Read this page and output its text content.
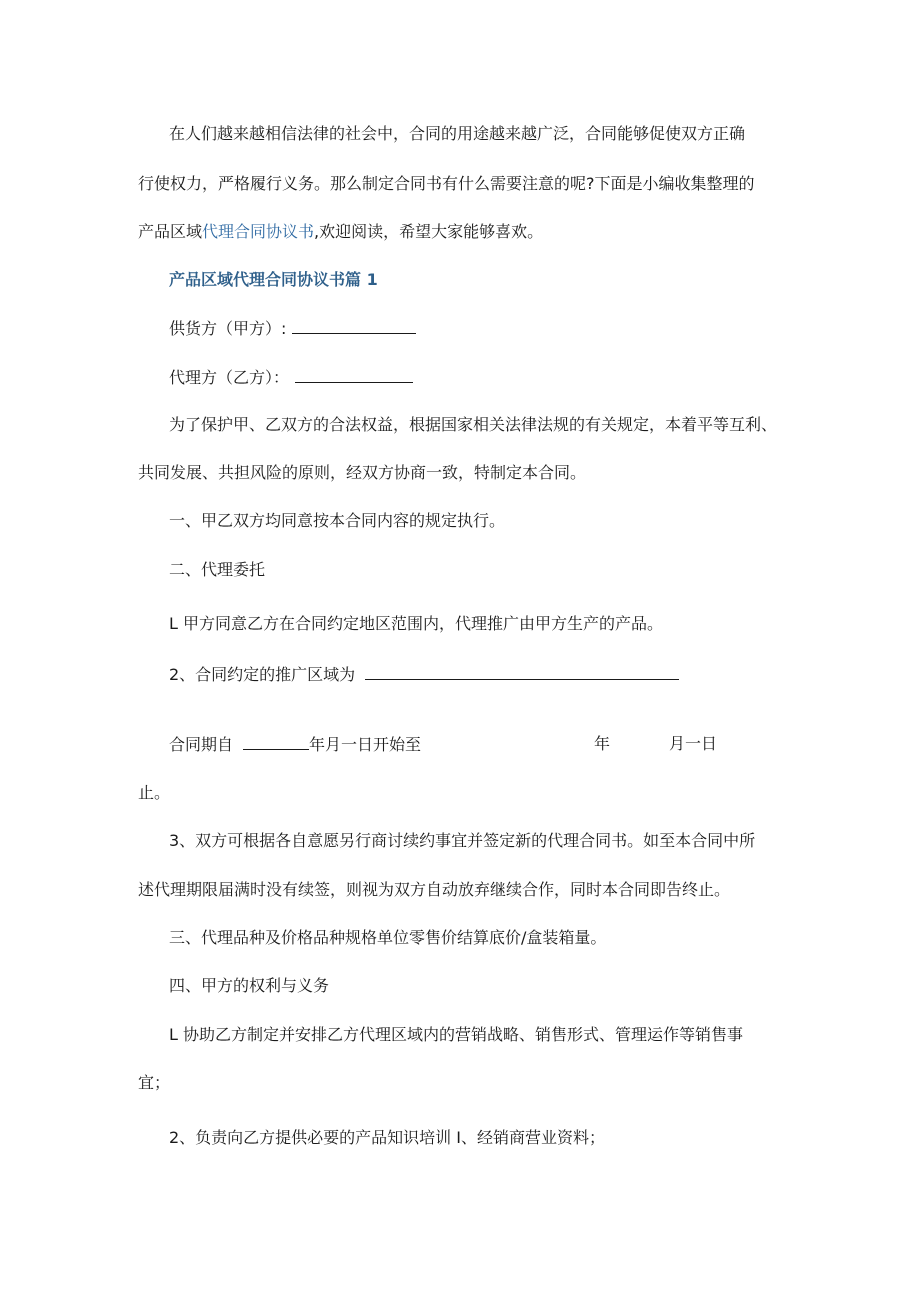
在人们越来越相信法律的社会中，合同的用途越来越广泛，合同能够促使双方正确
行使权力，严格履行义务。那么制定合同书有什么需要注意的呢?下面是小编收集整理的
产品区域代理合同协议书,欢迎阅读，希望大家能够喜欢。
产品区域代理合同协议书篇 1
供货方（甲方）:
代理方（乙方）：
为了保护甲、乙双方的合法权益，根据国家相关法律法规的有关规定，本着平等互利、
共同发展、共担风险的原则，经双方协商一致，特制定本合同。
一、甲乙双方均同意按本合同内容的规定执行。
二、代理委托
L 甲方同意乙方在合同约定地区范围内，代理推广由甲方生产的产品。
2、合同约定的推广区域为
合同期自	年月一日开始至	年	月一日
止。
3、双方可根据各自意愿另行商讨续约事宜并签定新的代理合同书。如至本合同中所
述代理期限届满时没有续签，则视为双方自动放弃继续合作，同时本合同即告终止。
三、代理品种及价格品种规格单位零售价结算底价/盒装箱量。
四、甲方的权利与义务
L 协助乙方制定并安排乙方代理区域内的营销战略、销售形式、管理运作等销售事
宜；
2、负责向乙方提供必要的产品知识培训 I、经销商营业资料；
